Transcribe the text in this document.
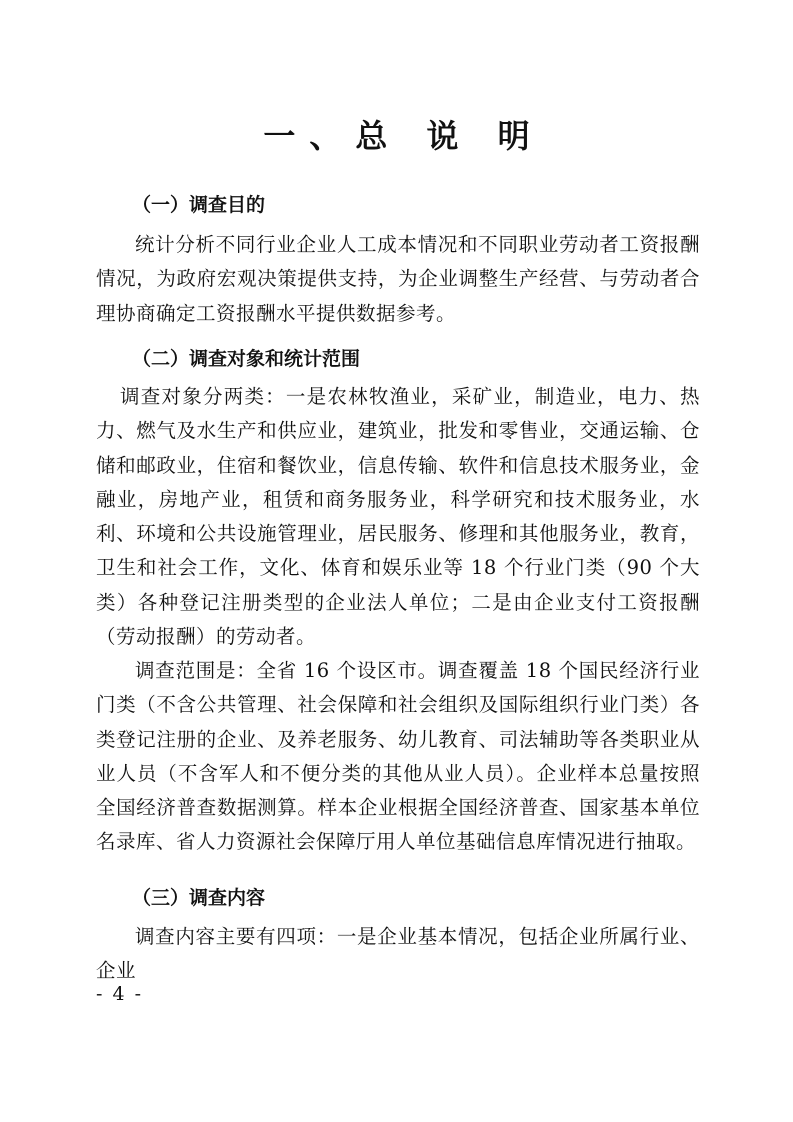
一、总 说 明
（一）调查目的

统计分析不同行业企业人工成本情况和不同职业劳动者工资报酬情况，为政府宏观决策提供支持，为企业调整生产经营、与劳动者合理协商确定工资报酬水平提供数据参考。

（二）调查对象和统计范围

调查对象分两类：一是农林牧渔业，采矿业，制造业，电力、热力、燃气及水生产和供应业，建筑业，批发和零售业，交通运输、仓储和邮政业，住宿和餐饮业，信息传输、软件和信息技术服务业，金融业，房地产业，租赁和商务服务业，科学研究和技术服务业，水利、环境和公共设施管理业，居民服务、修理和其他服务业，教育，卫生和社会工作，文化、体育和娱乐业等 18 个行业门类（90 个大类）各种登记注册类型的企业法人单位；二是由企业支付工资报酬（劳动报酬）的劳动者。

调查范围是：全省 16 个设区市。调查覆盖 18 个国民经济行业门类（不含公共管理、社会保障和社会组织及国际组织行业门类）各类登记注册的企业、及养老服务、幼儿教育、司法辅助等各类职业从业人员（不含军人和不便分类的其他从业人员）。企业样本总量按照全国经济普查数据测算。样本企业根据全国经济普查、国家基本单位名录库、省人力资源社会保障厅用人单位基础信息库情况进行抽取。

（三）调查内容

调查内容主要有四项：一是企业基本情况，包括企业所属行业、企业

- 4 -
